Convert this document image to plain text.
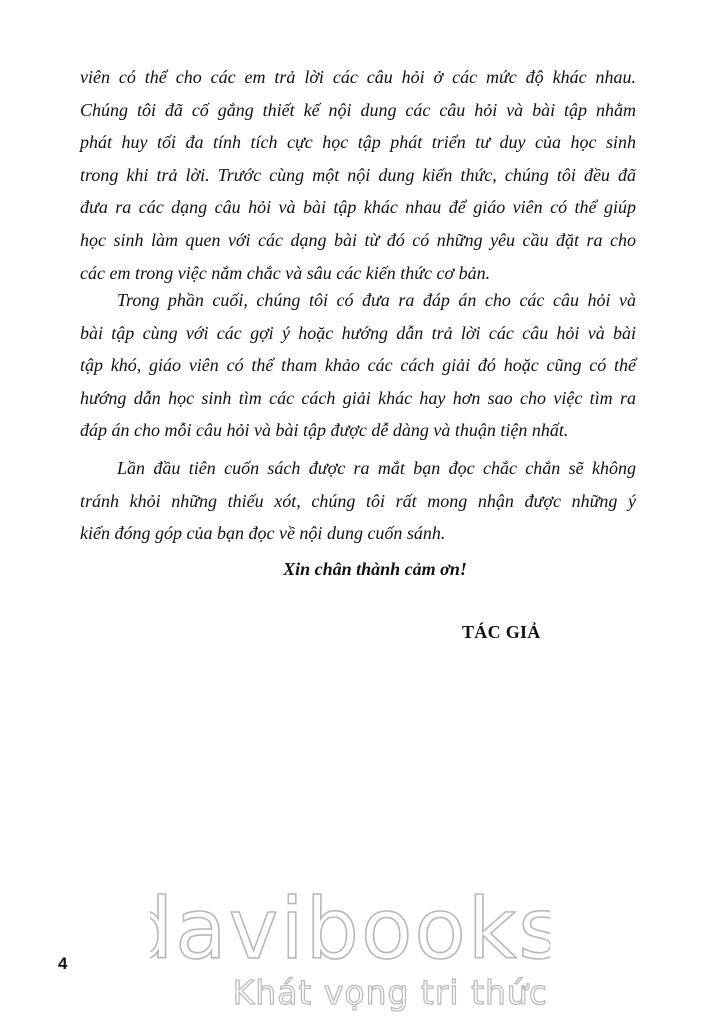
viên có thể cho các em trả lời các câu hỏi ở các mức độ khác nhau.
Chúng tôi đã cố gắng thiết kế nội dung các câu hỏi và bài tập nhằm
phát huy tối đa tính tích cực học tập phát triển tư duy của học sinh
trong khi trả lời. Trước cùng một nội dung kiến thức, chúng tôi đều đã
đưa ra các dạng câu hỏi và bài tập khác nhau để giáo viên có thể giúp
học sinh làm quen với các dạng bài từ đó có những yêu cầu đặt ra cho
các em trong việc nắm chắc và sâu các kiến thức cơ bản.
Trong phần cuối, chúng tôi có đưa ra đáp án cho các câu hỏi và
bài tập cùng với các gợi ý hoặc hướng dẫn trả lời các câu hỏi và bài
tập khó, giáo viên có thể tham khảo các cách giải đó hoặc cũng có thể
hướng dẫn học sinh tìm các cách giải khác hay hơn sao cho việc tìm ra
đáp án cho mỗi câu hỏi và bài tập được dễ dàng và thuận tiện nhất.
Lần đầu tiên cuốn sách được ra mắt bạn đọc chắc chắn sẽ không
tránh khỏi những thiếu xót, chúng tôi rất mong nhận được những ý
kiến đóng góp của bạn đọc về nội dung cuốn sánh.
Xin chân thành cảm ơn!
TÁC GIẢ
4 davibooks
Khát vọng tri thức
